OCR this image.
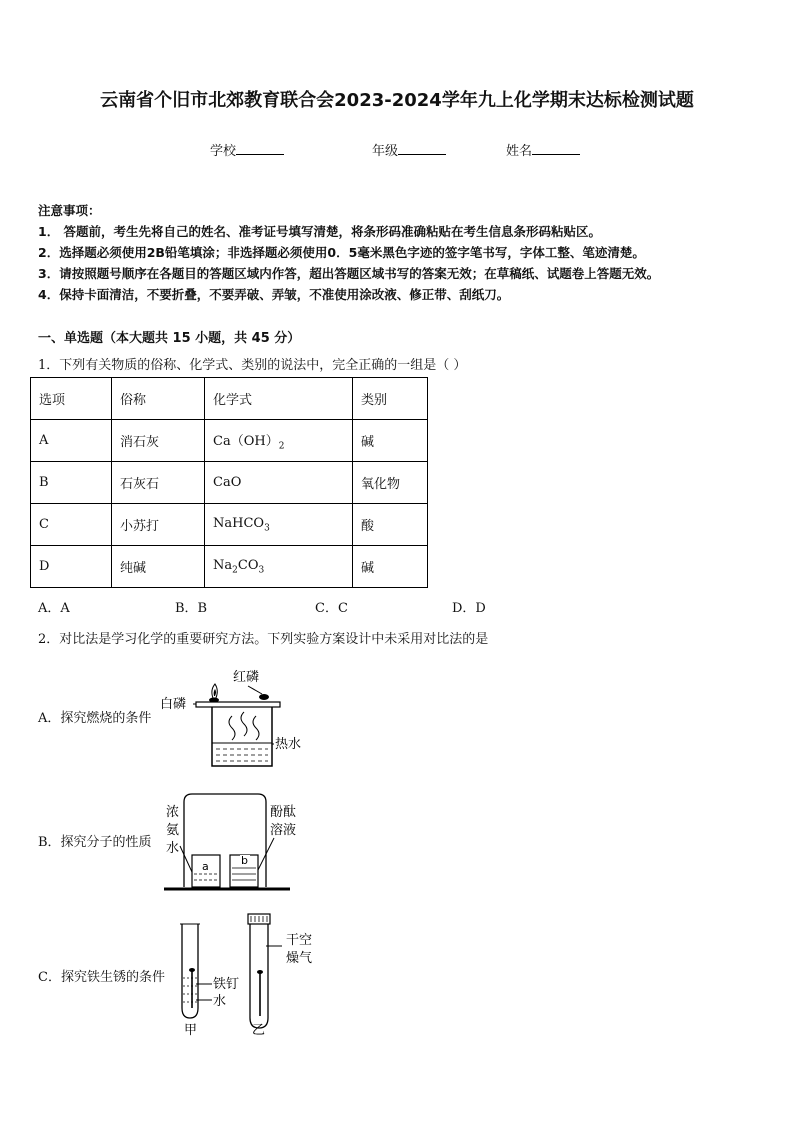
云南省个旧市北郊教育联合会2023-2024学年九上化学期末达标检测试题
学校	年级	姓名
注意事项：
1． 答题前，考生先将自己的姓名、准考证号填写清楚，将条形码准确粘贴在考生信息条形码粘贴区。
2．选择题必须使用2B铅笔填涂；非选择题必须使用0．5毫米黑色字迹的签字笔书写，字体工整、笔迹清楚。
3．请按照题号顺序在各题目的答题区域内作答，超出答题区域书写的答案无效；在草稿纸、试题卷上答题无效。
4．保持卡面清洁，不要折叠，不要弄破、弄皱，不准使用涂改液、修正带、刮纸刀。
一、单选题（本大题共 15 小题，共 45 分）
1．下列有关物质的俗称、化学式、类别的说法中，完全正确的一组是（ ）
选项	俗称	化学式	类别
A	消石灰	$Ca(OH)_2$	碱
B	石灰石	CaO	氧化物
C	小苏打	NaHCO$_3$	酸
D	纯碱	$Na_2CO_3$	碱
A．A	B．B	C．C	D．D
2．对比法是学习化学的重要研究方法。下列实验方案设计中未采用对比法的是
A．探究燃烧的条件
红磷
白磷
热水
B．探究分子的性质
浓
氨
水
酚酞
溶液
a	b
C．探究铁生锈的条件	铁钉
水
甲
干空
燥气
乙
